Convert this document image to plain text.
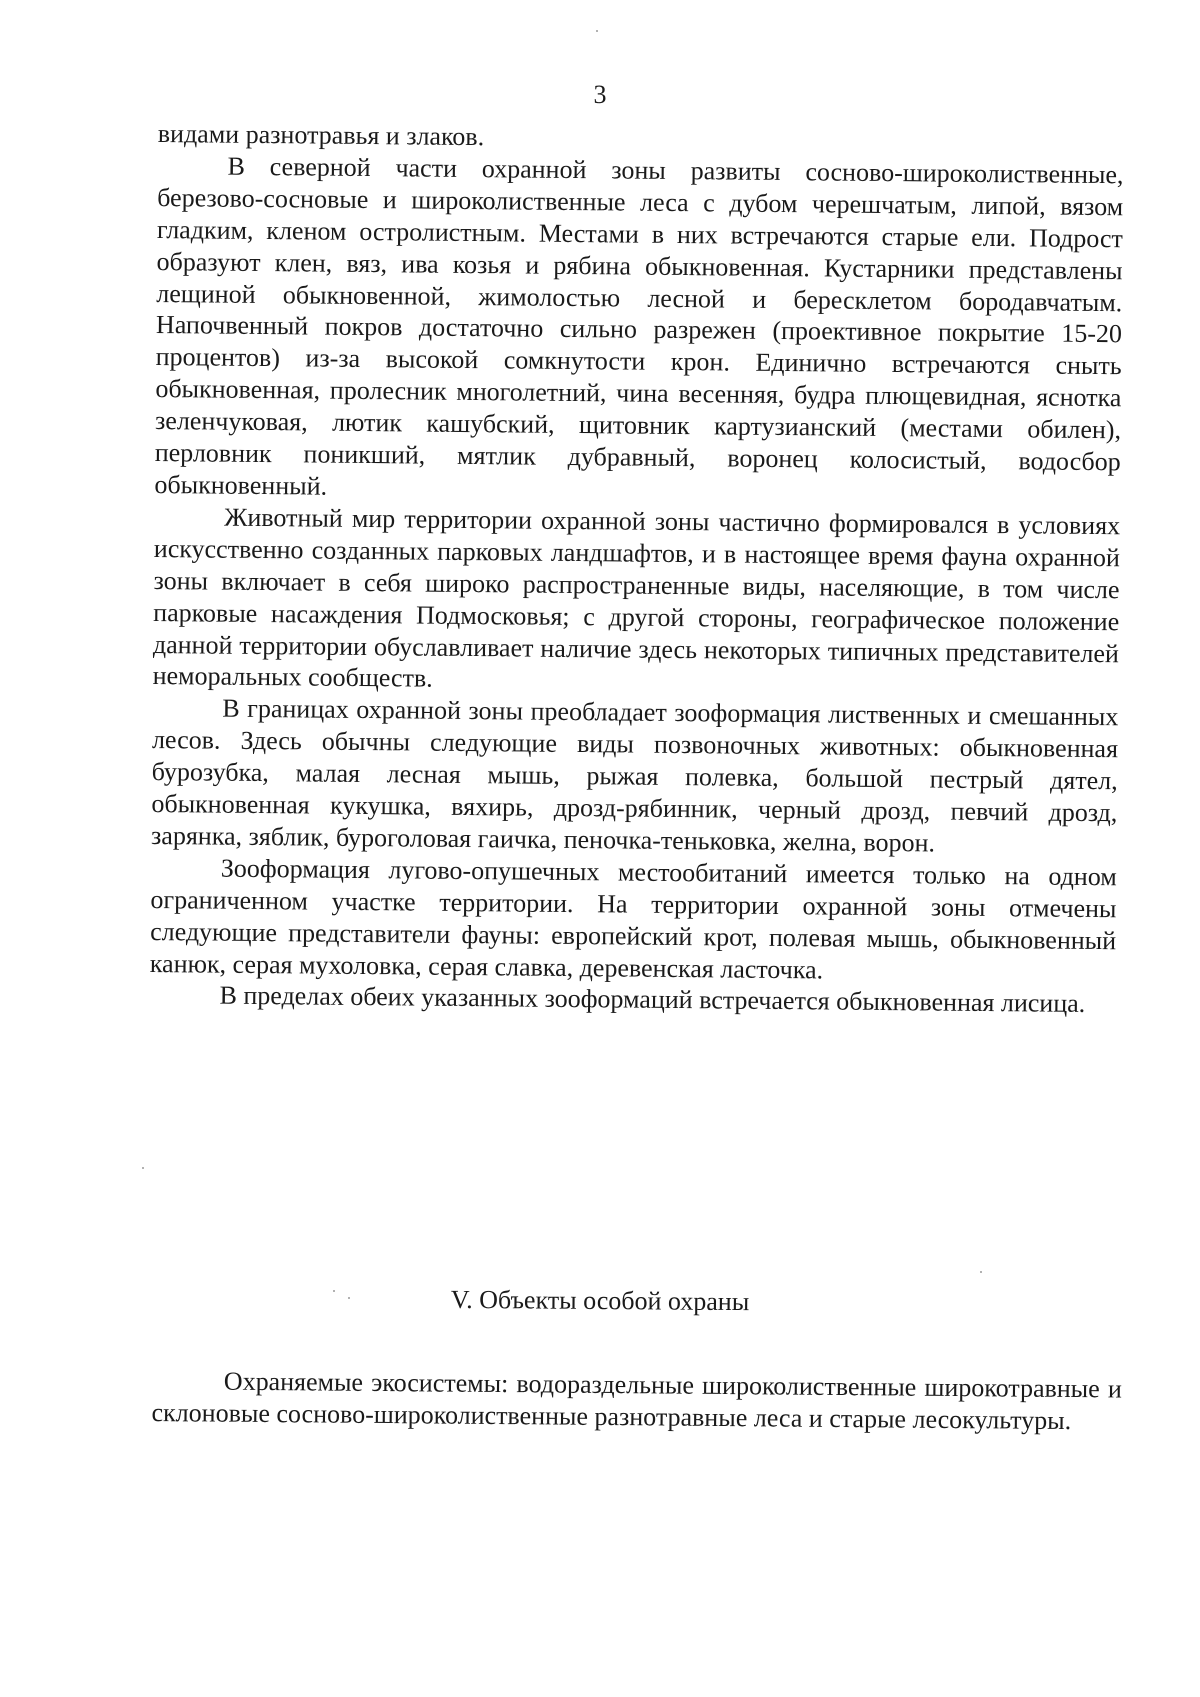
3

видами разнотравья и злаков.

В северной части охранной зоны развиты сосново-широколиственные, березово-сосновые и широколиственные леса с дубом черешчатым, липой, вязом гладким, кленом остролистным. Местами в них встречаются старые ели. Подрост образуют клен, вяз, ива козья и рябина обыкновенная. Кустарники представлены лещиной обыкновенной, жимолостью лесной и бересклетом бородавчатым. Напочвенный покров достаточно сильно разрежен (проективное покрытие 15-20 процентов) из-за высокой сомкнутости крон. Единично встречаются сныть обыкновенная, пролесник многолетний, чина весенняя, будра плющевидная, яснотка зеленчуковая, лютик кашубский, щитовник картузианский (местами обилен), перловник поникший, мятлик дубравный, воронец колосистый, водосбор обыкновенный.

Животный мир территории охранной зоны частично формировался в условиях искусственно созданных парковых ландшафтов, и в настоящее время фауна охранной зоны включает в себя широко распространенные виды, населяющие, в том числе парковые насаждения Подмосковья; с другой стороны, географическое положение данной территории обуславливает наличие здесь некоторых типичных представителей неморальных сообществ.

В границах охранной зоны преобладает зооформация лиственных и смешанных лесов. Здесь обычны следующие виды позвоночных животных: обыкновенная бурозубка, малая лесная мышь, рыжая полевка, большой пестрый дятел, обыкновенная кукушка, вяхирь, дрозд-рябинник, черный дрозд, певчий дрозд, зарянка, зяблик, буроголовая гаичка, пеночка-теньковка, желна, ворон.

Зооформация лугово-опушечных местообитаний имеется только на одном ограниченном участке территории. На территории охранной зоны отмечены следующие представители фауны: европейский крот, полевая мышь, обыкновенный канюк, серая мухоловка, серая славка, деревенская ласточка.

В пределах обеих указанных зооформаций встречается обыкновенная лисица.

V. Объекты особой охраны

Охраняемые экосистемы: водораздельные широколиственные широкотравные и склоновые сосново-широколиственные разнотравные леса и старые лесокультуры.
